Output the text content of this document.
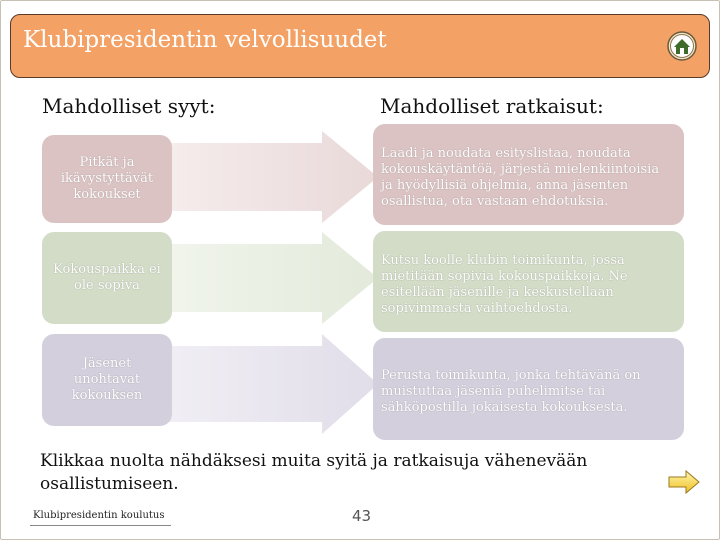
Klubipresidentin velvollisuudet
Mahdolliset syyt:	Mahdolliset ratkaisut:
Pitkät ja ikävystyttävät kokoukset
Laadi ja noudata esityslistaa, noudata kokouskäytäntöä, järjestä mielenkiintoisia ja hyödyllisiä ohjelmia, anna jäsenten osallistua, ota vastaan ehdotuksia.
Kokouspaikka ei ole sopiva
Kutsu koolle klubin toimikunta, jossa mietitään sopivia kokouspaikkoja. Ne esitellään jäsenille ja keskustellaan sopivimmasta vaihtoehdosta.
Jäsenet unohtavat kokouksen
Perusta toimikunta, jonka tehtävänä on muistuttaa jäseniä puhelimitse tai sähköpostilla jokaisesta kokouksesta.
Klikkaa nuolta nähdäksesi muita syitä ja ratkaisuja vähenevään osallistumiseen.
Klubipresidentin koulutus	43
